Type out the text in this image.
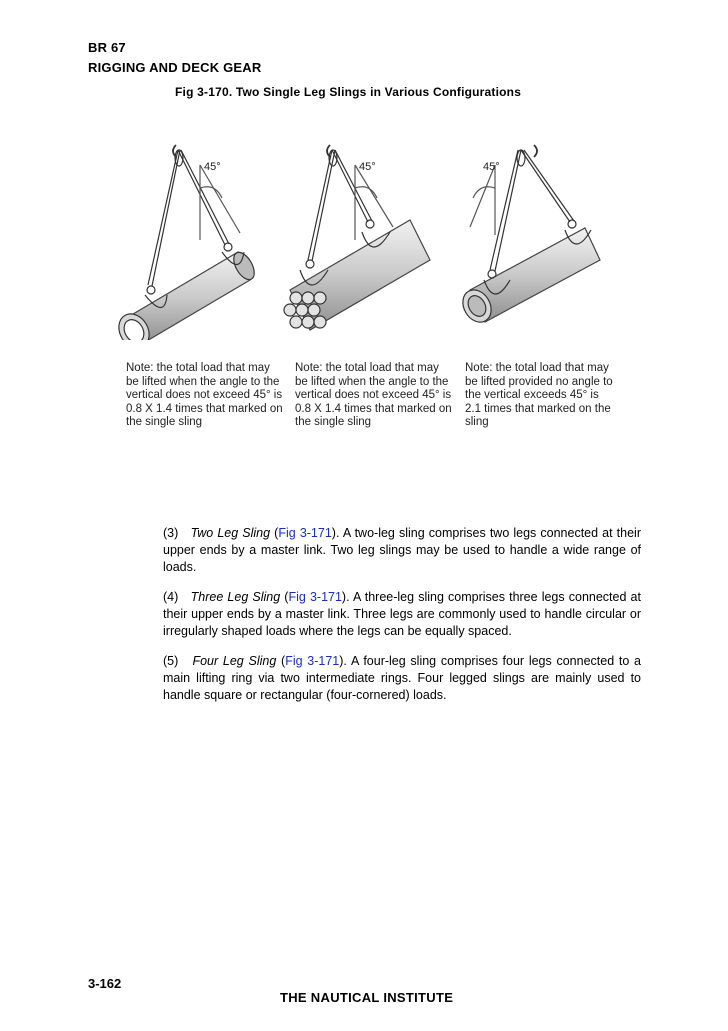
BR 67
RIGGING AND DECK GEAR
Fig 3-170. Two Single Leg Slings in Various Configurations
45°	45°	45°
Note: the total load that may
be lifted when the angle to the
vertical does not exceed 45° is
0.8 X 1.4 times that marked on
the single sling
Note: the total load that may
be lifted when the angle to the
vertical does not exceed 45° is
0.8 X 1.4 times that marked on
the single sling
Note: the total load that may
be lifted provided no angle to
the vertical exceeds 45° is
2.1 times that marked on the
sling
(3) Two Leg Sling (Fig 3-171). A two-leg sling comprises two legs connected at their upper ends by a master link. Two leg slings may be used to handle a wide range of loads.
(4) Three Leg Sling (Fig 3-171). A three-leg sling comprises three legs connected at their upper ends by a master link. Three legs are commonly used to handle circular or irregularly shaped loads where the legs can be equally spaced.
(5) Four Leg Sling (Fig 3-171). A four-leg sling comprises four legs connected to a main lifting ring via two intermediate rings. Four legged slings are mainly used to handle square or rectangular (four-cornered) loads.
3-162
THE NAUTICAL INSTITUTE
